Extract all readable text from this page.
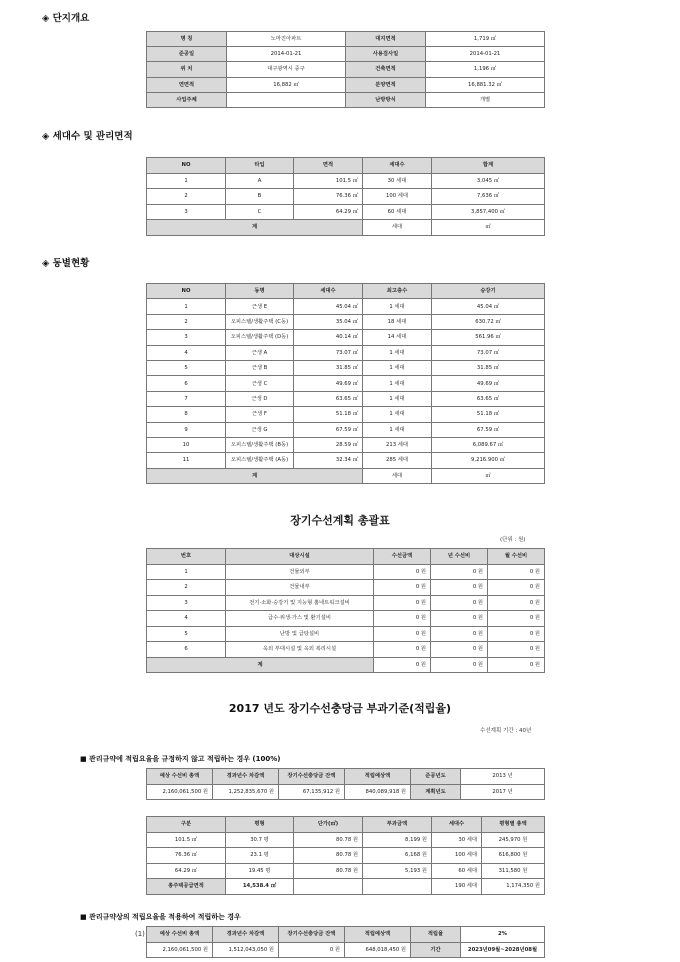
◈ 단지개요
명 칭	노마진아파트	대지면적	1,719 ㎡
준공일	2014-01-21	사용검사일	2014-01-21
위 치	대구광역시 중구	건축면적	1,196 ㎡
연면적	16,882 ㎡	분양면적	16,881.32 ㎡
사업주체		난방방식	개별
◈ 세대수 및 관리면적
NO	타입	면적	세대수	합계
1	A	101.5 ㎡	30 세대	3,045 ㎡
2	B	76.36 ㎡	100 세대	7,636 ㎡
3	C	64.29 ㎡	60 세대	3,857,400 ㎡
계			세대	㎡
◈ 동별현황
NO	동명	세대수	최고층수	승강기
1	근생 E	45.04 ㎡	1 세대	45.04 ㎡
2	오피스텔/생활주택 (C동)	35.04 ㎡	18 세대	630.72 ㎡
3	오피스텔/생활주택 (D동)	40.14 ㎡	14 세대	561.96 ㎡
4	근생 A	73.07 ㎡	1 세대	73.07 ㎡
5	근생 B	31.85 ㎡	1 세대	31.85 ㎡
6	근생 C	49.69 ㎡	1 세대	49.69 ㎡
7	근생 D	63.65 ㎡	1 세대	63.65 ㎡
8	근생 F	51.18 ㎡	1 세대	51.18 ㎡
9	근생 G	67.59 ㎡	1 세대	67.59 ㎡
10	오피스텔/생활주택 (B동)	28.59 ㎡	213 세대	6,089.67 ㎡
11	오피스텔/생활주택 (A동)	32.34 ㎡	285 세대	9,216.900 ㎡
계			세대	㎡
장기수선계획 총괄표
(단위 : 원)
번호	대상시설	수선금액	년 수선비	월 수선비
1	건물외부	0 원	0 원	0 원
2	건물내부	0 원	0 원	0 원
3	전기·소화·승강기 및 지능형 홈네트워크설비	0 원	0 원	0 원
4	급수·위생·가스 및 환기설비	0 원	0 원	0 원
5	난방 및 급탕설비	0 원	0 원	0 원
6	옥외 부대시설 및 옥외 복리시설	0 원	0 원	0 원
계		0 원	0 원	0 원
2017 년도 장기수선충당금 부과기준(적립율)
수선계획 기간 : 40년
■ 관리규약에 적립요율을 규정하지 않고 적립하는 경우 (100%)
예상 수선비 총액	경과년수 차감액	장기수선충당금 잔액	적립예상액	준공년도	2013 년
2,160,061,500 원	1,252,835,670 원	67,135,912 원	840,089,918 원	계획년도	2017 년
구분	평형	단가(㎡)	부과금액	세대수	평형별 총액
101.5 ㎡	30.7 평	80.78 원	8,199 원	30 세대	245,970 원
76.36 ㎡	23.1 평	80.78 원	6,168 원	100 세대	616,800 원
64.29 ㎡	19.45 평	80.78 원	5,193 원	60 세대	311,580 원
총주택공급면적	14,538.4 ㎡			190 세대	1,174,350 원
■ 관리규약상의 적립요율을 적용하여 적립하는 경우
(1)	예상 수선비 총액	경과년수 차감액	장기수선충당금 잔액	적립예상액	적립율	2%
2,160,061,500 원	1,512,043,050 원	0 원	648,018,450 원	기간	2023년09월~2028년08월
